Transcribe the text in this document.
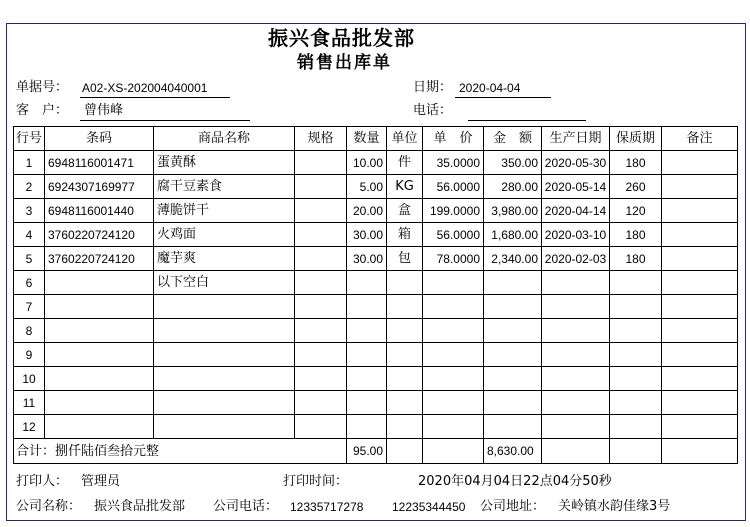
振兴食品批发部
销售出库单
单据号： A02-XS-202004040001	日期： 2020-04-04
客　户： 曾伟峰	电话：
行号	条码	商品名称	规格	数量	单位	单　价	金　额	生产日期	保质期	备注
1	6948116001471	蛋黄酥		10.00	件	35.0000	350.00	2020-05-30	180	
2	6924307169977	腐干豆素食		5.00	KG	56.0000	280.00	2020-05-14	260	
3	6948116001440	薄脆饼干		20.00	盒	199.0000	3,980.00	2020-04-14	120	
4	3760220724120	火鸡面		30.00	箱	56.0000	1,680.00	2020-03-10	180	
5	3760220724120	魔芋爽		30.00	包	78.0000	2,340.00	2020-02-03	180	
6		以下空白								
7										
8										
9										
10										
11										
12										
合计：捌仟陆佰叁拾元整				95.00			8,630.00			
打印人： 管理员	打印时间：	2020年04月04日22点04分50秒
公司名称： 振兴食品批发部 公司电话： 12335717278 12235344450 公司地址： 关岭镇水韵佳缘3号
